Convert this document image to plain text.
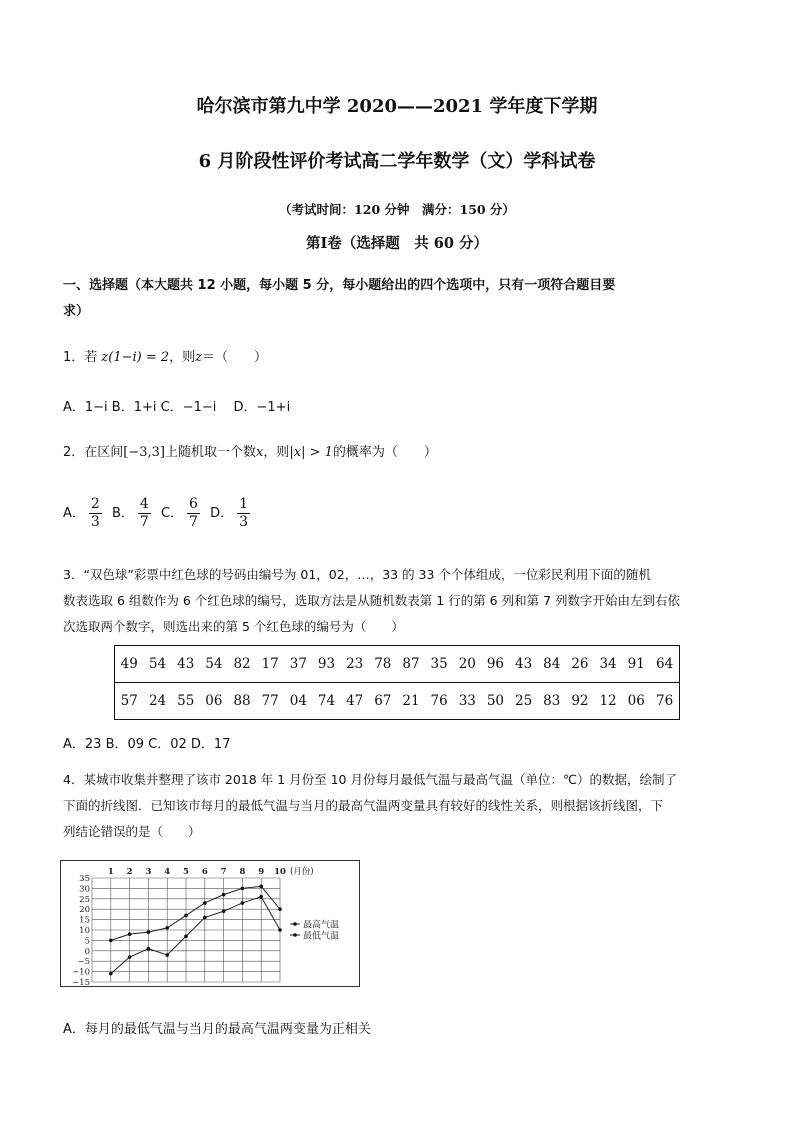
哈尔滨市第九中学 2020——2021 学年度下学期
6 月阶段性评价考试高二学年数学（文）学科试卷
（考试时间：120 分钟　满分：150 分）
第Ⅰ卷（选择题　共 60 分）
一、选择题（本大题共 12 小题，每小题 5 分，每小题给出的四个选项中，只有一项符合题目要
求）
1．若 z(1−i) = 2，则z＝（　　）
A．1−i B．1+i C．−1−i　 D．−1+i
2．在区间[−3,3]上随机取一个数x，则|x| > 1的概率为（　　）
A． $\frac{2}{3}$ B． $\frac{4}{7}$ C． $\frac{6}{7}$ D． $\frac{1}{3}$
3．“双色球”彩票中红色球的号码由编号为 01，02，…，33 的 33 个个体组成，一位彩民利用下面的随机
数表选取 6 组数作为 6 个红色球的编号，选取方法是从随机数表第 1 行的第 6 列和第 7 列数字开始由左到右依
次选取两个数字，则选出来的第 5 个红色球的编号为（　　）
49	54	43	54	82	17	37	93	23	78	87	35	20	96	43	84	26	34	91	64
57	24	55	06	88	77	04	74	47	67	21	76	33	50	25	83	92	12	06	76
A．23 B．09 C．02 D．17
4．某城市收集并整理了该市 2018 年 1 月份至 10 月份每月最低气温与最高气温（单位：℃）的数据，绘制了
下面的折线图．已知该市每月的最低气温与当月的最高气温两变量具有较好的线性关系，则根据该折线图，下
列结论错误的是（　　）
35
30
25
20
15
10
5
0
−5
−10
−15
1 2 3 4 5 6 7 8 9 10 (月份)
最高气温
最低气温
A．每月的最低气温与当月的最高气温两变量为正相关
